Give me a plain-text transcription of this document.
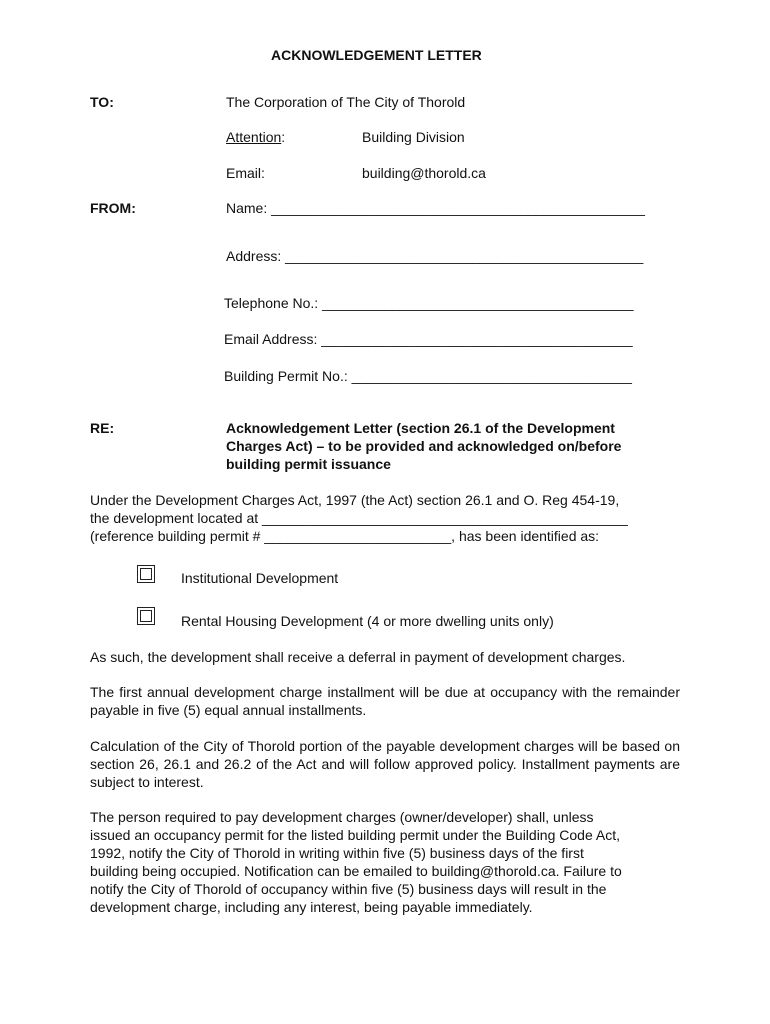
ACKNOWLEDGEMENT LETTER
TO:	The Corporation of The City of Thorold
Attention:	Building Division
Email:	building@thorold.ca
FROM:	Name: ________________________________________________
Address: ______________________________________________
Telephone No.: ________________________________________
Email Address: ________________________________________
Building Permit No.: ____________________________________
RE:	Acknowledgement Letter (section 26.1 of the Development
Charges Act) – to be provided and acknowledged on/before
building permit issuance
Under the Development Charges Act, 1997 (the Act) section 26.1 and O. Reg 454-19,
the development located at _______________________________________________
(reference building permit # ________________________, has been identified as:
Institutional Development
Rental Housing Development (4 or more dwelling units only)
As such, the development shall receive a deferral in payment of development charges.
The first annual development charge installment will be due at occupancy with the remainder payable in five (5) equal annual installments.
Calculation of the City of Thorold portion of the payable development charges will be based on section 26, 26.1 and 26.2 of the Act and will follow approved policy. Installment payments are subject to interest.
The person required to pay development charges (owner/developer) shall, unless
issued an occupancy permit for the listed building permit under the Building Code Act,
1992, notify the City of Thorold in writing within five (5) business days of the first
building being occupied. Notification can be emailed to building@thorold.ca. Failure to
notify the City of Thorold of occupancy within five (5) business days will result in the
development charge, including any interest, being payable immediately.
